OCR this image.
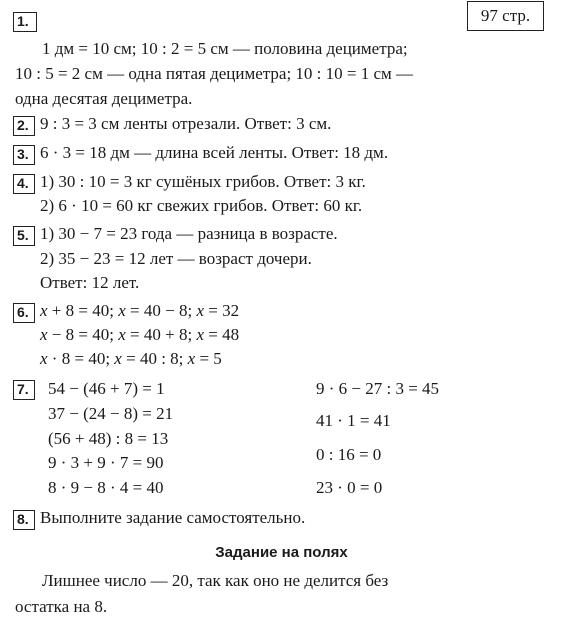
97 стр.
1.
1 дм = 10 см; 10 : 2 = 5 см — половина дециметра;
10 : 5 = 2 см — одна пятая дециметра; 10 : 10 = 1 см —
одна десятая дециметра.
2. 9 : 3 = 3 см ленты отрезали. Ответ: 3 см.
3. 6 · 3 = 18 дм — длина всей ленты. Ответ: 18 дм.
4. 1) 30 : 10 = 3 кг сушёных грибов. Ответ: 3 кг.
2) 6 · 10 = 60 кг свежих грибов. Ответ: 60 кг.
5. 1) 30 − 7 = 23 года — разница в возрасте.
2) 35 − 23 = 12 лет — возраст дочери.
Ответ: 12 лет.
6. x + 8 = 40; x = 40 − 8; x = 32
x − 8 = 40; x = 40 + 8; x = 48
x · 8 = 40; x = 40 : 8; x = 5
7.	54 − (46 + 7) = 1
37 − (24 − 8) = 21
(56 + 48) : 8 = 13
9 · 3 + 9 · 7 = 90
8 · 9 − 8 · 4 = 40
9 · 6 − 27 : 3 = 45
41 · 1 = 41
0 : 16 = 0
23 · 0 = 0
8. Выполните задание самостоятельно.
Задание на полях
Лишнее число — 20, так как оно не делится без
остатка на 8.
